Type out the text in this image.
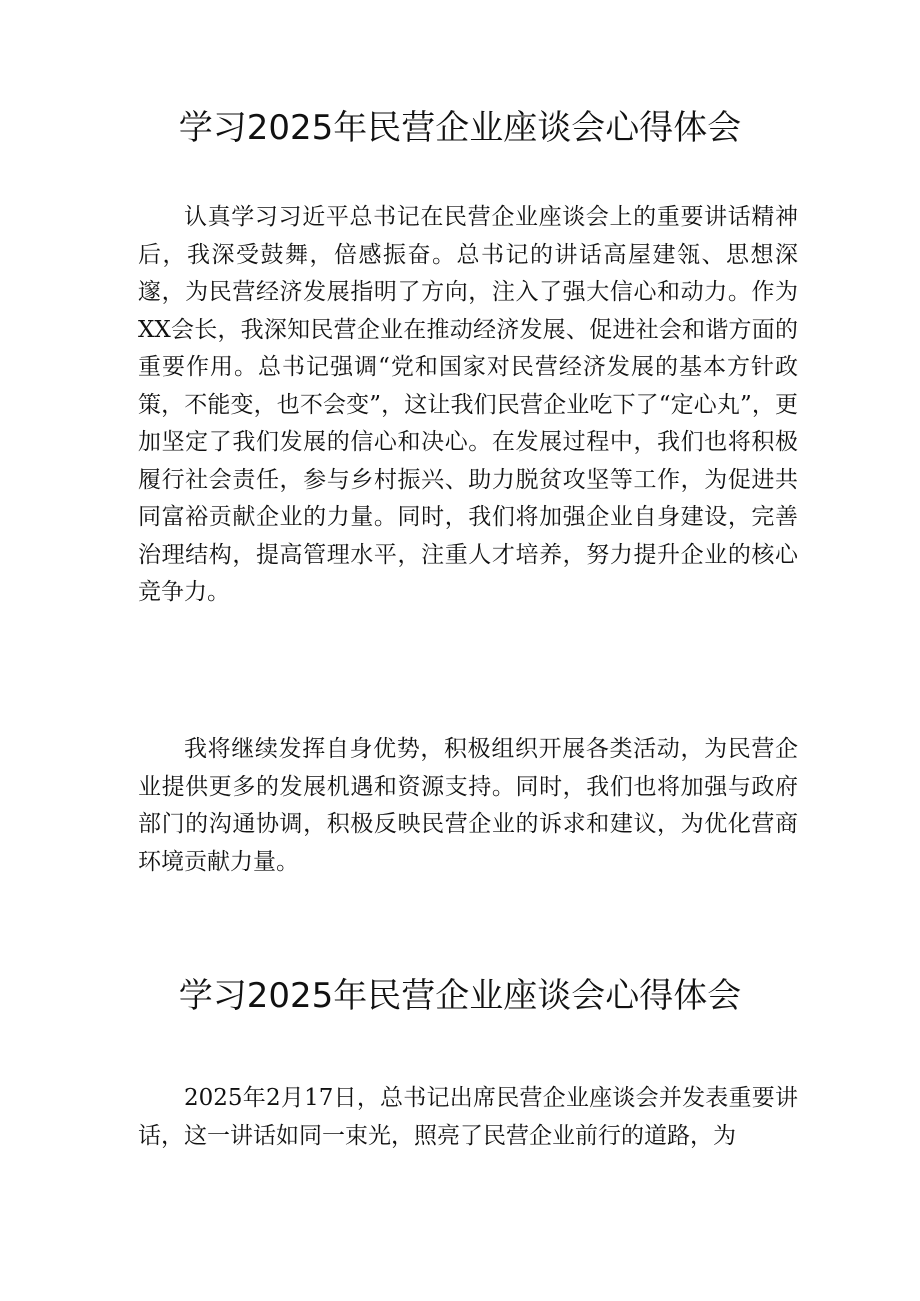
学习2025年民营企业座谈会心得体会

认真学习习近平总书记在民营企业座谈会上的重要讲话精神后，我深受鼓舞，倍感振奋。总书记的讲话高屋建瓴、思想深邃，为民营经济发展指明了方向，注入了强大信心和动力。作为XX会长，我深知民营企业在推动经济发展、促进社会和谐方面的重要作用。总书记强调“党和国家对民营经济发展的基本方针政策，不能变，也不会变”，这让我们民营企业吃下了“定心丸”，更加坚定了我们发展的信心和决心。在发展过程中，我们也将积极履行社会责任，参与乡村振兴、助力脱贫攻坚等工作，为促进共同富裕贡献企业的力量。同时，我们将加强企业自身建设，完善治理结构，提高管理水平，注重人才培养，努力提升企业的核心竞争力。

我将继续发挥自身优势，积极组织开展各类活动，为民营企业提供更多的发展机遇和资源支持。同时，我们也将加强与政府部门的沟通协调，积极反映民营企业的诉求和建议，为优化营商环境贡献力量。

学习2025年民营企业座谈会心得体会

2025年2月17日，总书记出席民营企业座谈会并发表重要讲话，这一讲话如同一束光，照亮了民营企业前行的道路，为
